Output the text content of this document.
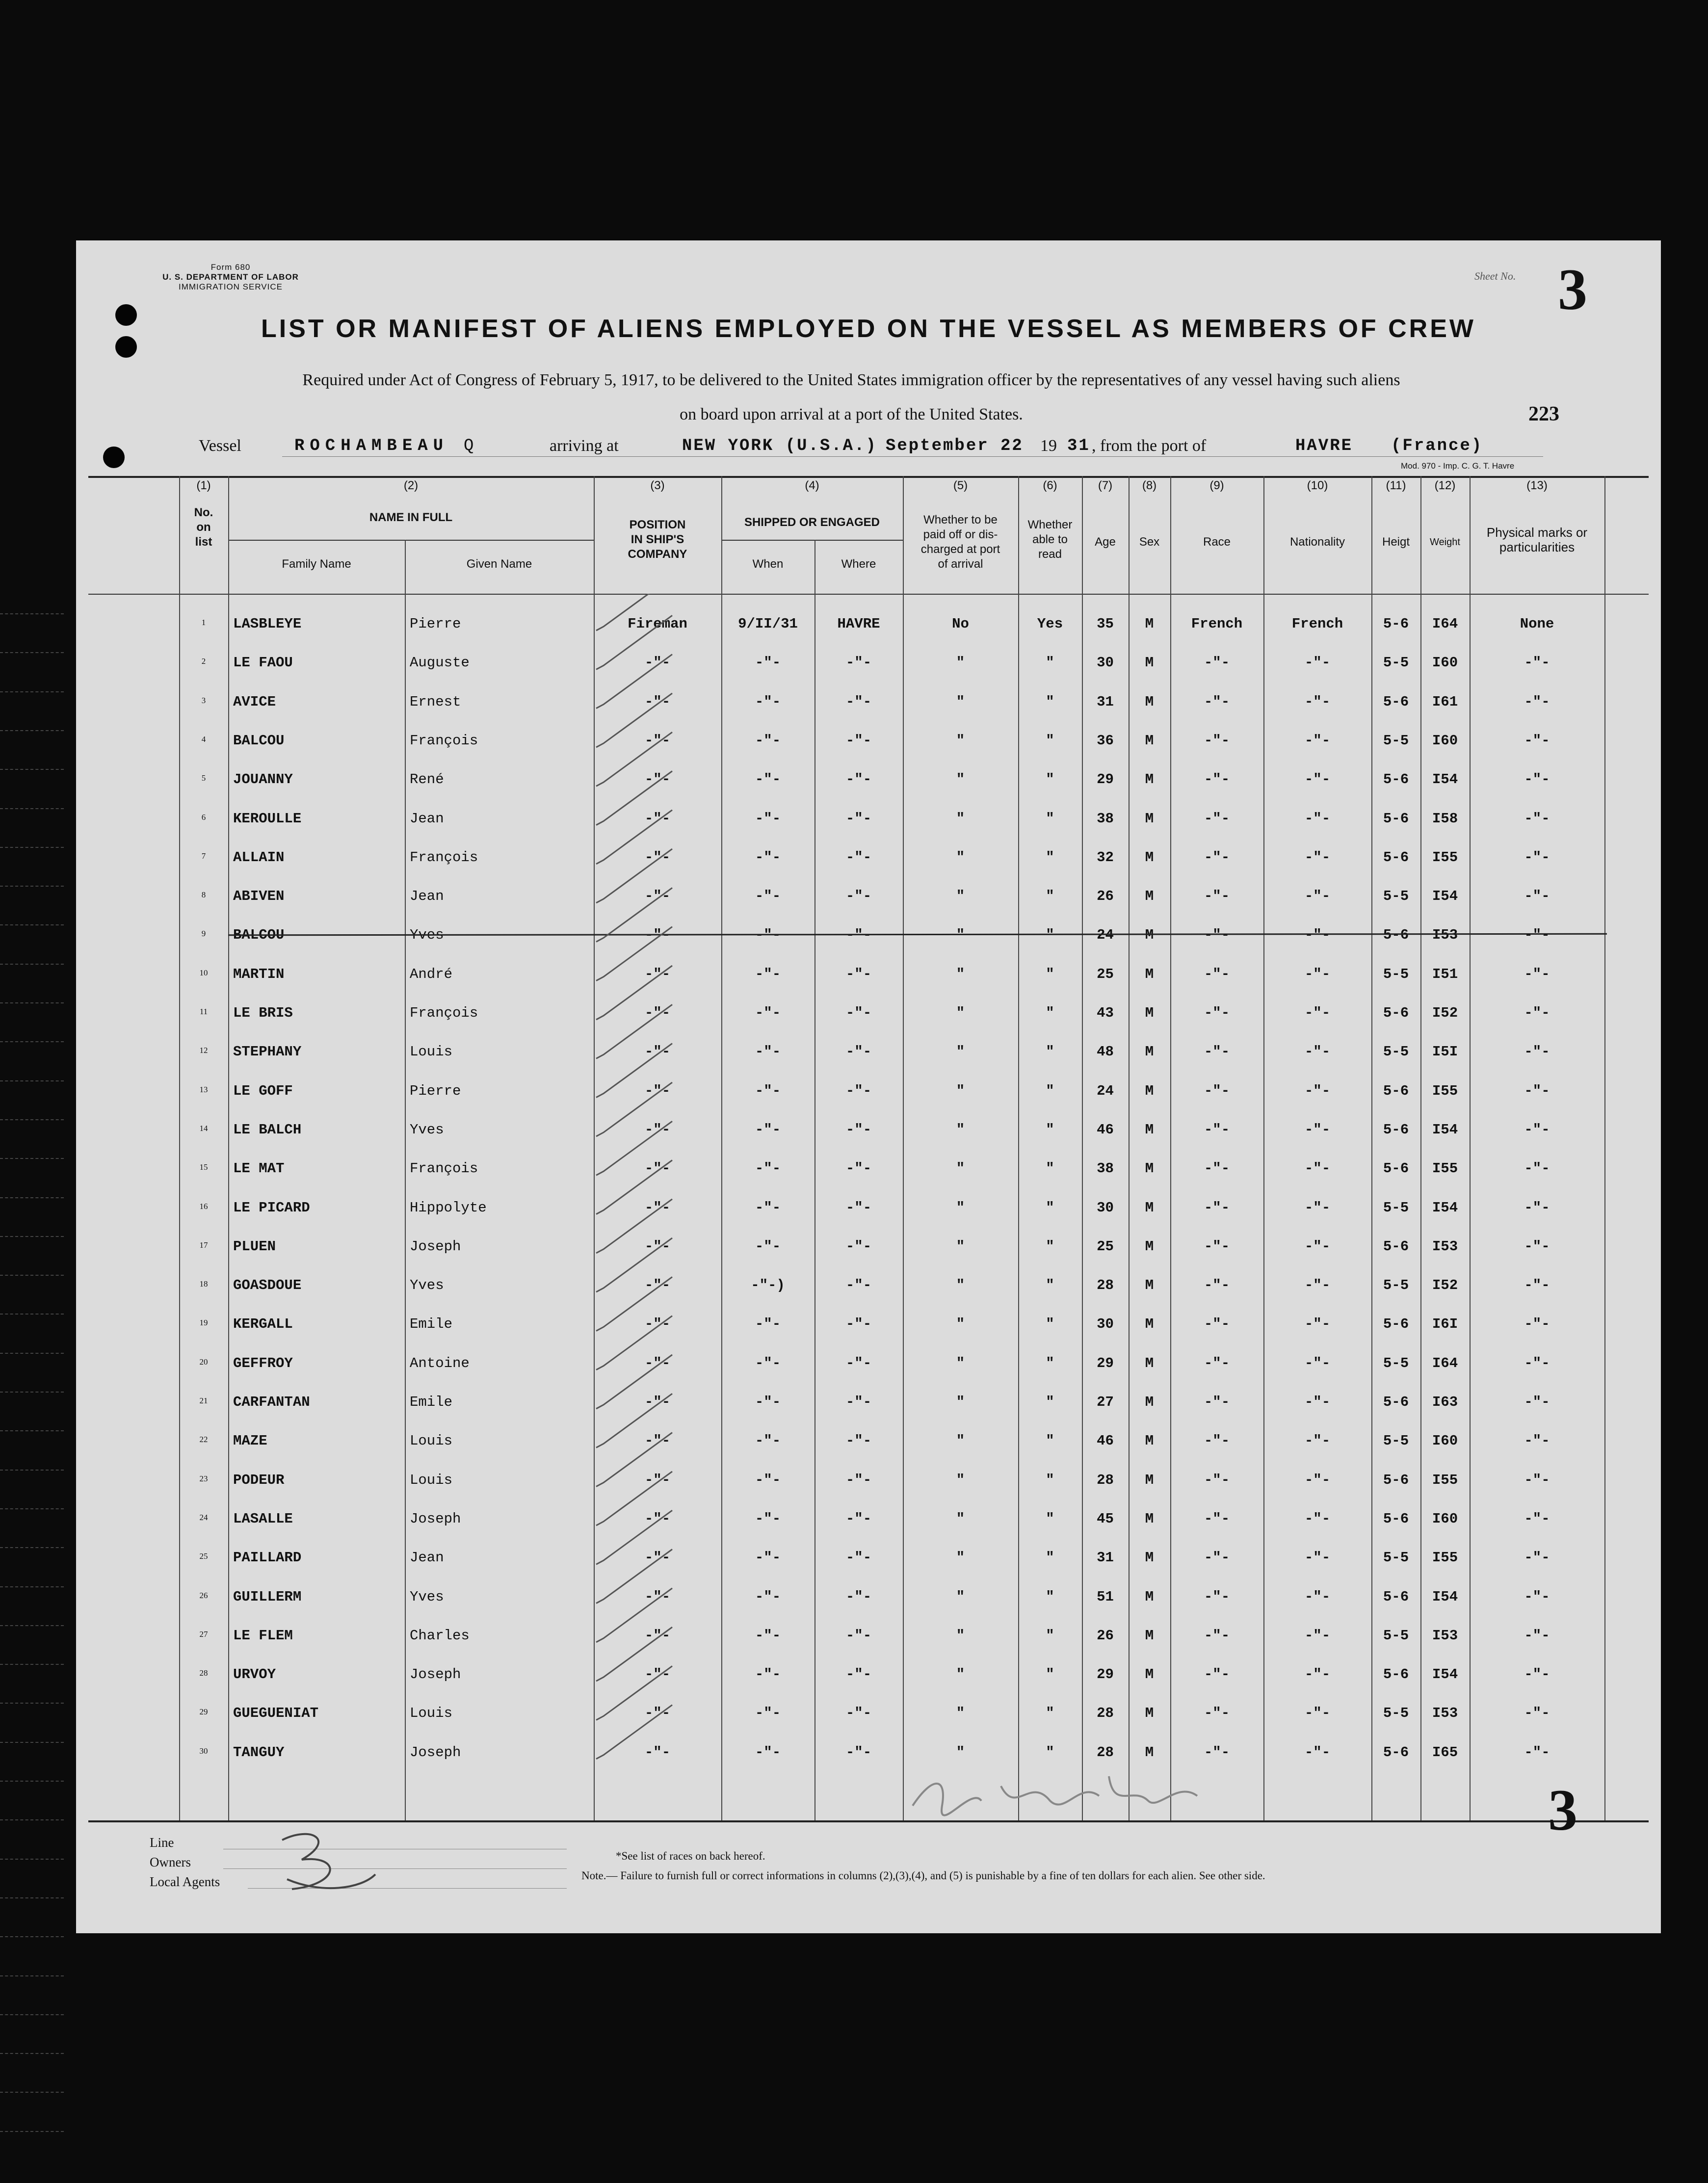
Form 680
U. S. DEPARTMENT OF LABOR
IMMIGRATION SERVICE
Sheet No. 3
LIST OR MANIFEST OF ALIENS EMPLOYED ON THE VESSEL AS MEMBERS OF CREW
Required under Act of Congress of February 5, 1917, to be delivered to the United States immigration officer by the representatives of any vessel having such aliens
on board upon arrival at a port of the United States.	223
Vessel	ROCHAMBEAU Q	arriving at	NEW YORK (U.S.A.) September 22 19 31 , from the port of	HAVRE (France)
Mod. 970 - Imp. C. G. T. Havre
(1)
No.
on
list
(2)
NAME IN FULL
Family Name	Given Name
(3)
POSITION
IN SHIP'S
COMPANY
(4)
SHIPPED OR ENGAGED
When	Where
(5)
Whether to be
paid off or dis-
charged at port
of arrival
(6)
Whether
able to
read
(7)
Age
(8)
Sex
(9)
Race
(10)
Nationality
(11)
Heigt
(12)
Weight
(13)
Physical marks or
particularities
1	LASBLEYE	Pierre	Fireman	9/II/31	HAVRE	No	Yes	35	M	French	French	5-6	I64	None
2	LE FAOU	Auguste	-"-	-"-	-"-	"	"	30	M	-"-	-"-	5-5	I60	-"-
3	AVICE	Ernest	-"-	-"-	-"-	"	"	31	M	-"-	-"-	5-6	I61	-"-
4	BALCOU	François	-"-	-"-	-"-	"	"	36	M	-"-	-"-	5-5	I60	-"-
5	JOUANNY	René	-"-	-"-	-"-	"	"	29	M	-"-	-"-	5-6	I54	-"-
6	KEROULLE	Jean	-"-	-"-	-"-	"	"	38	M	-"-	-"-	5-6	I58	-"-
7	ALLAIN	François	-"-	-"-	-"-	"	"	32	M	-"-	-"-	5-6	I55	-"-
8	ABIVEN	Jean	-"-	-"-	-"-	"	"	26	M	-"-	-"-	5-5	I54	-"-
9	BALCOU	Yves	-"-	-"-	-"-	"	"	24	M	-"-	-"-	5-6	I53	-"-
10	MARTIN	André	-"-	-"-	-"-	"	"	25	M	-"-	-"-	5-5	I51	-"-
11	LE BRIS	François	-"-	-"-	-"-	"	"	43	M	-"-	-"-	5-6	I52	-"-
12	STEPHANY	Louis	-"-	-"-	-"-	"	"	48	M	-"-	-"-	5-5	I5I	-"-
13	LE GOFF	Pierre	-"-	-"-	-"-	"	"	24	M	-"-	-"-	5-6	I55	-"-
14	LE BALCH	Yves	-"-	-"-	-"-	"	"	46	M	-"-	-"-	5-6	I54	-"-
15	LE MAT	François	-"-	-"-	-"-	"	"	38	M	-"-	-"-	5-6	I55	-"-
16	LE PICARD	Hippolyte	-"-	-"-	-"-	"	"	30	M	-"-	-"-	5-5	I54	-"-
17	PLUEN	Joseph	-"-	-"-	-"-	"	"	25	M	-"-	-"-	5-6	I53	-"-
18	GOASDOUE	Yves	-"-	-"-)	-"-	"	"	28	M	-"-	-"-	5-5	I52	-"-
19	KERGALL	Emile	-"-	-"-	-"-	"	"	30	M	-"-	-"-	5-6	I6I	-"-
20	GEFFROY	Antoine	-"-	-"-	-"-	"	"	29	M	-"-	-"-	5-5	I64	-"-
21	CARFANTAN	Emile	-"-	-"-	-"-	"	"	27	M	-"-	-"-	5-6	I63	-"-
22	MAZE	Louis	-"-	-"-	-"-	"	"	46	M	-"-	-"-	5-5	I60	-"-
23	PODEUR	Louis	-"-	-"-	-"-	"	"	28	M	-"-	-"-	5-6	I55	-"-
24	LASALLE	Joseph	-"-	-"-	-"-	"	"	45	M	-"-	-"-	5-6	I60	-"-
25	PAILLARD	Jean	-"-	-"-	-"-	"	"	31	M	-"-	-"-	5-5	I55	-"-
26	GUILLERM	Yves	-"-	-"-	-"-	"	"	51	M	-"-	-"-	5-6	I54	-"-
27	LE FLEM	Charles	-"-	-"-	-"-	"	"	26	M	-"-	-"-	5-5	I53	-"-
28	URVOY	Joseph	-"-	-"-	-"-	"	"	29	M	-"-	-"-	5-6	I54	-"-
29	GUEGUENIAT	Louis	-"-	-"-	-"-	"	"	28	M	-"-	-"-	5-5	I53	-"-
30	TANGUY	Joseph	-"-	-"-	-"-	"	"	28	M	-"-	-"-	5-6	I65	-"-
Line
Owners
Local Agents
*See list of races on back hereof.
Note.— Failure to furnish full or correct informations in columns (2),(3),(4), and (5) is punishable by a fine of ten dollars for each alien. See other side.
3
